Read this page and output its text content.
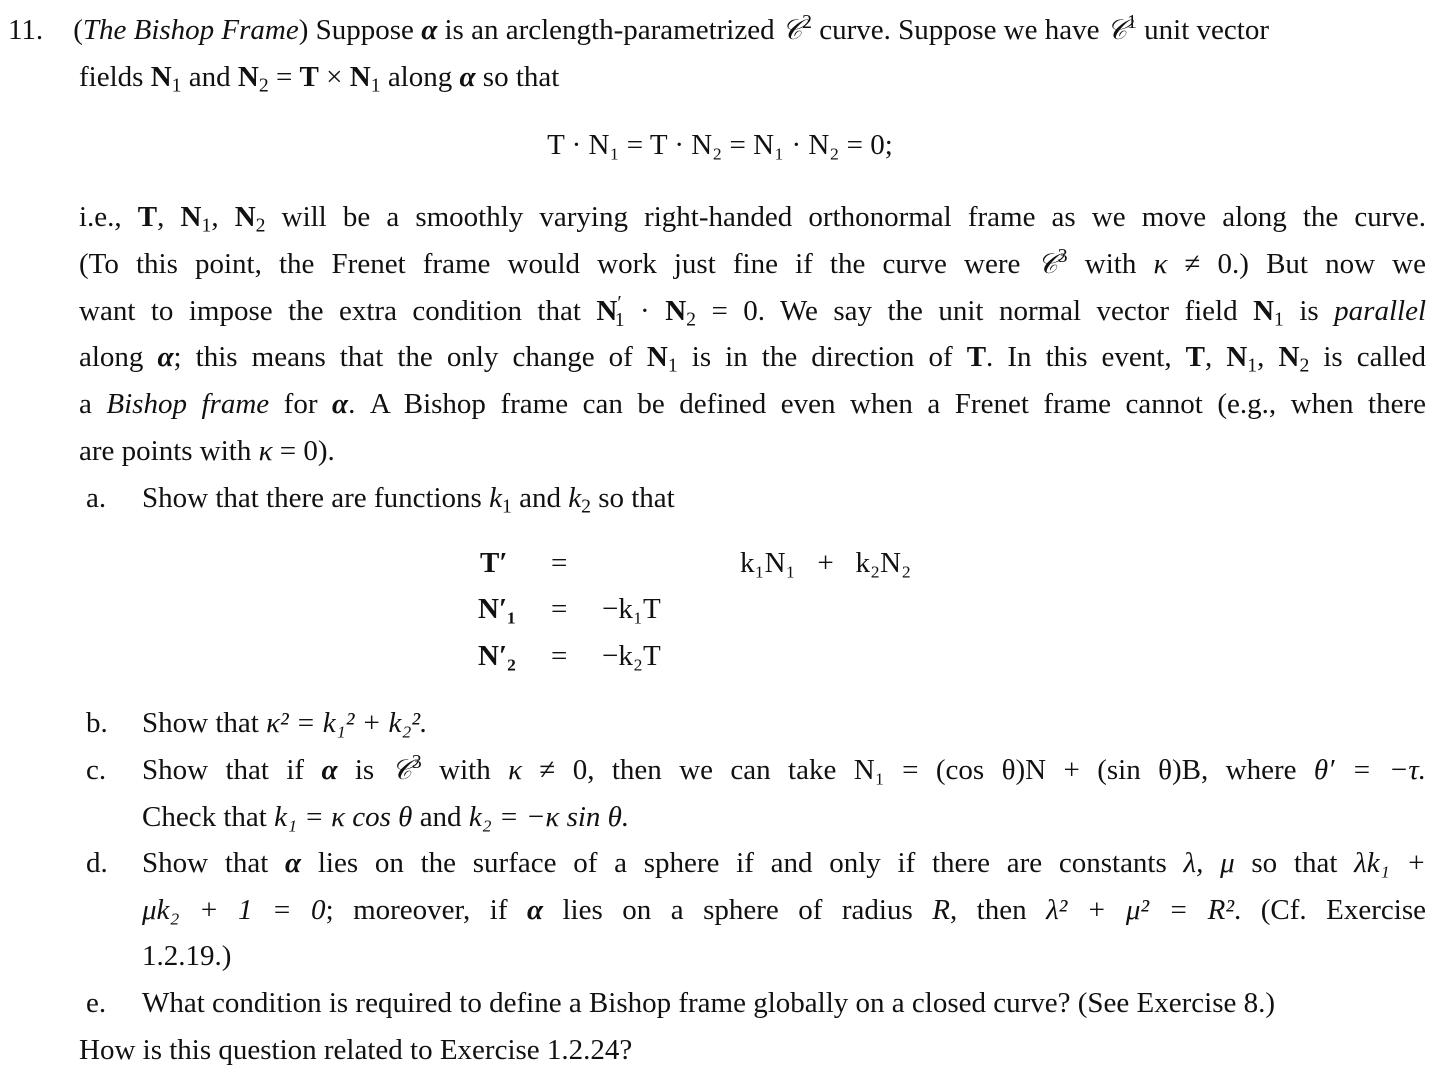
11. (The Bishop Frame) Suppose α is an arclength-parametrized 𝒞$^2$ curve. Suppose we have 𝒞$^1$ unit vector
fields $N_1$ and $N_2 = T \times N_1$ along α so that
T · N₁ = T · N₂ = N₁ · N₂ = 0;
i.e., T, $N_1$, $N_2$ will be a smoothly varying right-handed orthonormal frame as we move along the curve.
(To this point, the Frenet frame would work just fine if the curve were 𝒞$^3$ with κ ≠ 0.) But now we
want to impose the extra condition that $N'_1 \cdot N_2 = 0$. We say the unit normal vector field $N_1$ is parallel
along α; this means that the only change of $N_1$ is in the direction of T. In this event, T, $N_1$, $N_2$ is called
a Bishop frame for α. A Bishop frame can be defined even when a Frenet frame cannot (e.g., when there
are points with κ = 0).
a. Show that there are functions $k_1$ and $k_2$ so that
T′ =	k₁N₁   +   k₂N₂
N′₁ = −k₁T
N′₂ = −k₂T
b. Show that κ² = k₁² + k₂².
c. Show that if α is 𝒞$^3$ with κ ≠ 0, then we can take N₁ = (cos θ)N + (sin θ)B, where θ′ = −τ.
Check that k₁ = κ cos θ and k₂ = −κ sin θ.
d. Show that α lies on the surface of a sphere if and only if there are constants λ, μ so that λk₁ +
μk₂ + 1 = 0; moreover, if α lies on a sphere of radius R, then λ² + μ² = R². (Cf. Exercise
1.2.19.)
e. What condition is required to define a Bishop frame globally on a closed curve? (See Exercise 8.)
How is this question related to Exercise 1.2.24?
